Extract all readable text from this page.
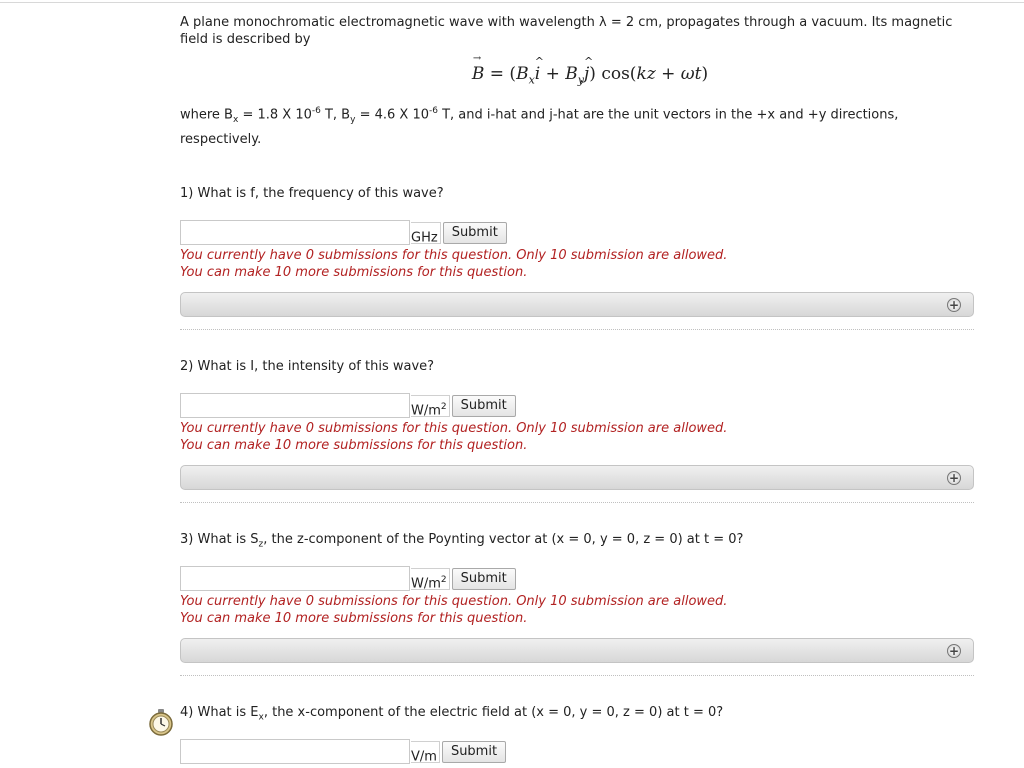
A plane monochromatic electromagnetic wave with wavelength λ = 2 cm, propagates through a vacuum. Its magnetic field is described by

→ $B = (B_x\^{}$ $i + B_y\^{}$ j) cos(kz + ωt)

where $B_x = 1.8$ X $10^{-6}$ T, $B_y = 4.6$ X $10^{-6}$ T, and i-hat and j-hat are the unit vectors in the +x and +y directions, respectively.

1) What is f, the frequency of this wave?

GHz	Submit

You currently have 0 submissions for this question. Only 10 submission are allowed.
You can make 10 more submissions for this question.

+

2) What is I, the intensity of this wave?

$W/m^2$	Submit

You currently have 0 submissions for this question. Only 10 submission are allowed.
You can make 10 more submissions for this question.

+

3) What is $S_z$, the z-component of the Poynting vector at (x = 0, y = 0, z = 0) at t = 0?

$W/m^2$	Submit

You currently have 0 submissions for this question. Only 10 submission are allowed.
You can make 10 more submissions for this question.

+

4) What is $E_x$, the x-component of the electric field at (x = 0, y = 0, z = 0) at t = 0?

V/m	Submit
